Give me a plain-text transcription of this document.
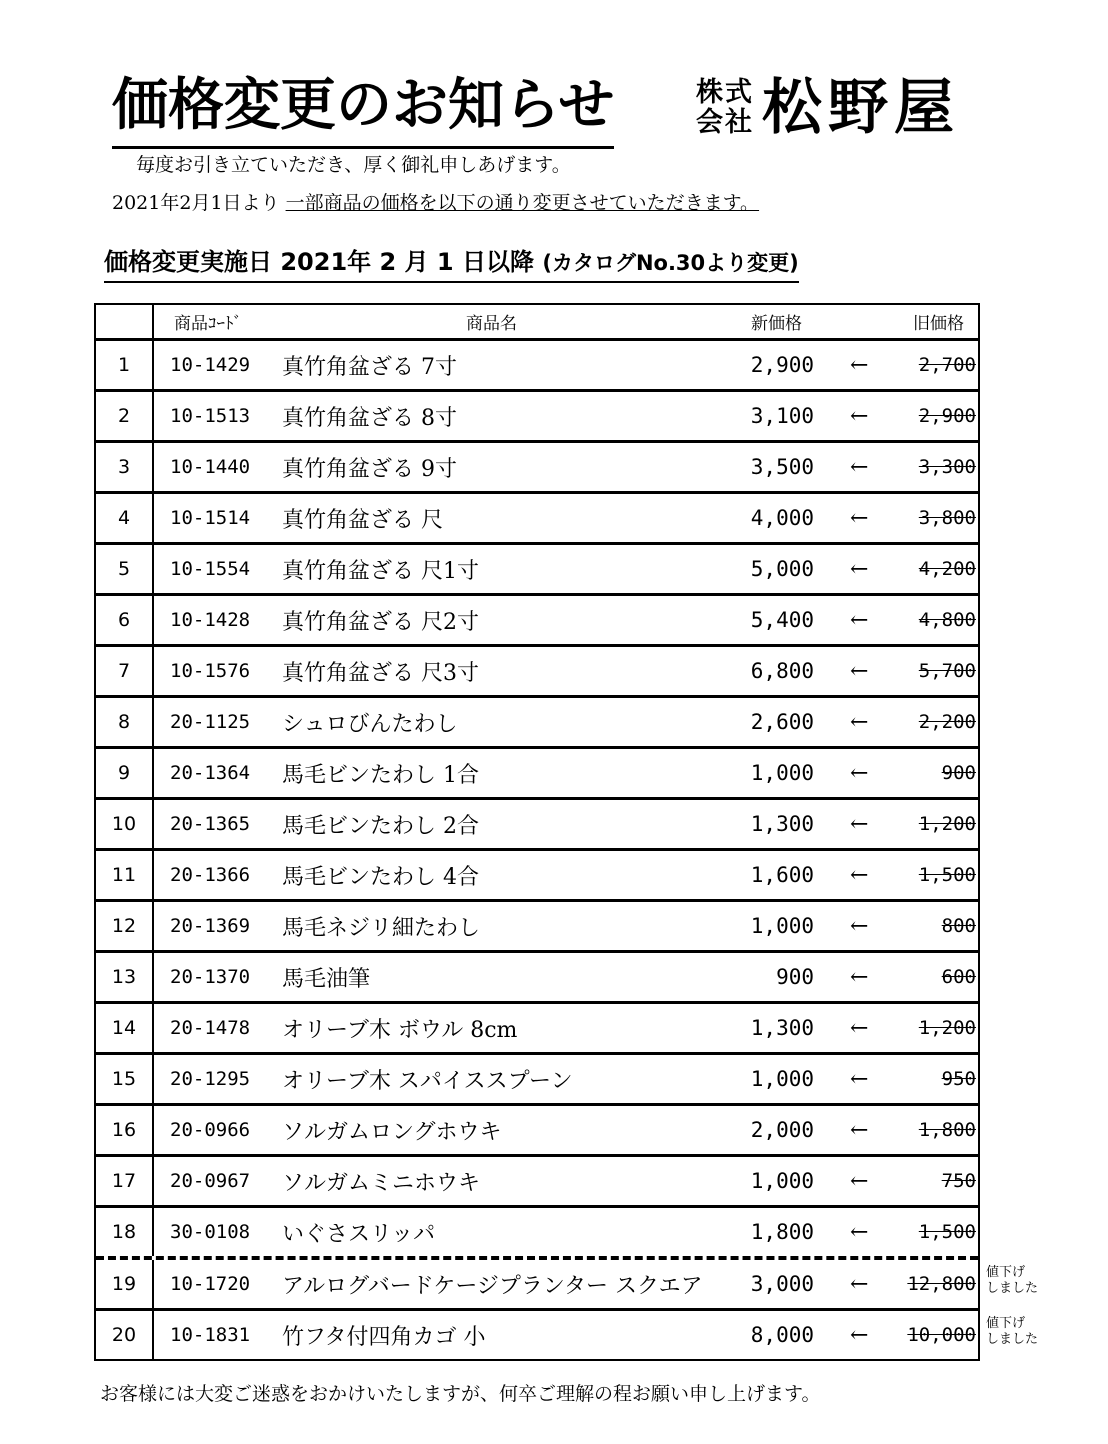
価格変更のお知らせ	株式
会社 松野屋
毎度お引き立ていただき、厚く御礼申しあげます。
2021年2月1日より 一部商品の価格を以下の通り変更させていただきます。
価格変更実施日 2021年 2 月 1 日以降 (カタログNo.30より変更)
商品ｺｰﾄﾞ	商品名	新価格	旧価格
1	10-1429 真竹角盆ざる 7寸	2,900 ←	2,700
2	10-1513 真竹角盆ざる 8寸	3,100 ←	2,900
3	10-1440 真竹角盆ざる 9寸	3,500 ←	3,300
4	10-1514 真竹角盆ざる 尺	4,000 ←	3,800
5	10-1554 真竹角盆ざる 尺1寸	5,000 ←	4,200
6	10-1428 真竹角盆ざる 尺2寸	5,400 ←	4,800
7	10-1576 真竹角盆ざる 尺3寸	6,800 ←	5,700
8	20-1125 シュロびんたわし	2,600 ←	2,200
9	20-1364 馬毛ビンたわし 1合	1,000 ←	900
10	20-1365 馬毛ビンたわし 2合	1,300 ←	1,200
11	20-1366 馬毛ビンたわし 4合	1,600 ←	1,500
12	20-1369 馬毛ネジリ細たわし	1,000 ←	800
13	20-1370 馬毛油筆	900 ←	600
14	20-1478 オリーブ木 ボウル 8cm	1,300 ←	1,200
15	20-1295 オリーブ木 スパイススプーン	1,000 ←	950
16	20-0966 ソルガムロングホウキ	2,000 ←	1,800
17	20-0967 ソルガムミニホウキ	1,000 ←	750
18	30-0108 いぐさスリッパ	1,800 ←	1,500
19	10-1720 アルログバードケージプランター スクエア 3,000 ← 12,800
20	10-1831 竹フタ付四角カゴ 小	8,000 ← 10,000
お客様には大変ご迷惑をおかけいたしますが、何卒ご理解の程お願い申し上げます。
値下げ
しました
値下げ
しました
